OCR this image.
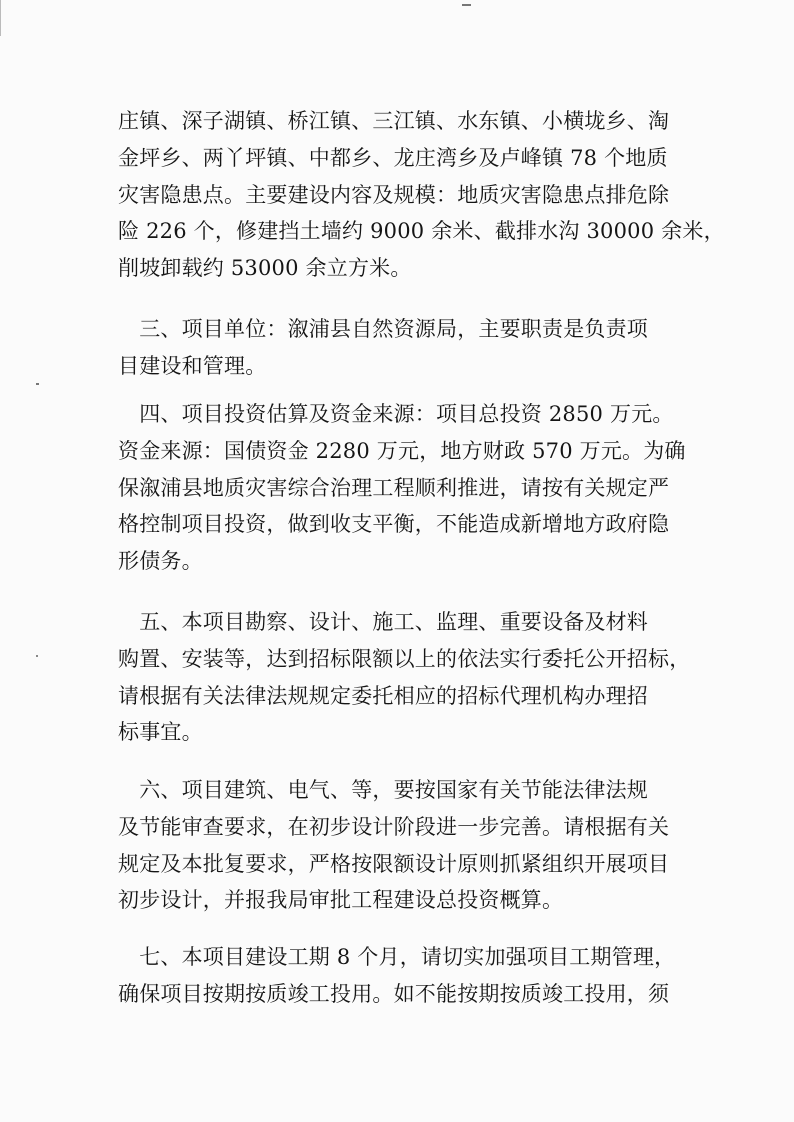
庄镇、深子湖镇、桥江镇、三江镇、水东镇、小横垅乡、淘
金坪乡、两丫坪镇、中都乡、龙庄湾乡及卢峰镇 78 个地质
灾害隐患点。主要建设内容及规模：地质灾害隐患点排危除
险 226 个，修建挡土墙约 9000 余米、截排水沟 30000 余米，
削坡卸载约 53000 余立方米。
　三、项目单位：溆浦县自然资源局，主要职责是负责项
目建设和管理。
　四、项目投资估算及资金来源：项目总投资 2850 万元。
资金来源：国债资金 2280 万元，地方财政 570 万元。为确
保溆浦县地质灾害综合治理工程顺利推进，请按有关规定严
格控制项目投资，做到收支平衡，不能造成新增地方政府隐
形债务。
　五、本项目勘察、设计、施工、监理、重要设备及材料
购置、安装等，达到招标限额以上的依法实行委托公开招标，
请根据有关法律法规规定委托相应的招标代理机构办理招
标事宜。
　六、项目建筑、电气、等，要按国家有关节能法律法规
及节能审查要求，在初步设计阶段进一步完善。请根据有关
规定及本批复要求，严格按限额设计原则抓紧组织开展项目
初步设计，并报我局审批工程建设总投资概算。
　七、本项目建设工期 8 个月，请切实加强项目工期管理，
确保项目按期按质竣工投用。如不能按期按质竣工投用，须
